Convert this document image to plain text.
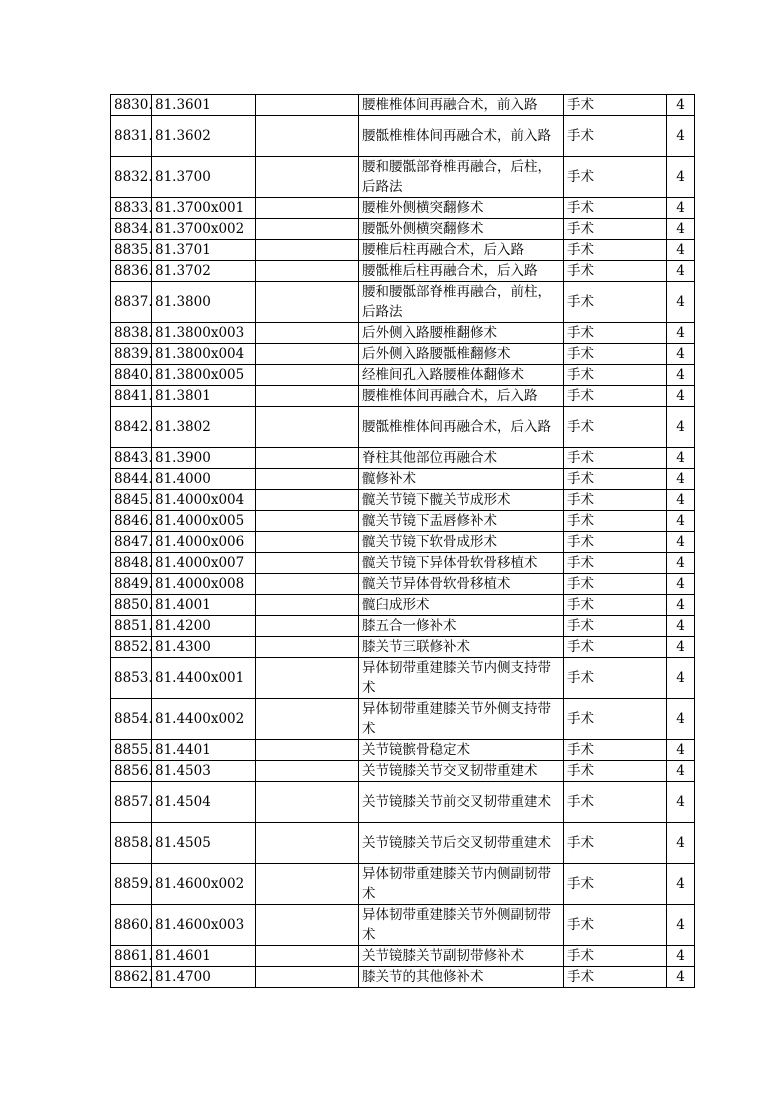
8830.	81.3601		腰椎椎体间再融合术，前入路	手术	4
8831.	81.3602		腰骶椎椎体间再融合术，前入路	手术	4
8832.	81.3700		腰和腰骶部脊椎再融合，后柱，后路法	手术	4
8833.	81.3700x001		腰椎外侧横突翻修术	手术	4
8834.	81.3700x002		腰骶外侧横突翻修术	手术	4
8835.	81.3701		腰椎后柱再融合术，后入路	手术	4
8836.	81.3702		腰骶椎后柱再融合术，后入路	手术	4
8837.	81.3800		腰和腰骶部脊椎再融合，前柱，后路法	手术	4
8838.	81.3800x003		后外侧入路腰椎翻修术	手术	4
8839.	81.3800x004		后外侧入路腰骶椎翻修术	手术	4
8840.	81.3800x005		经椎间孔入路腰椎体翻修术	手术	4
8841.	81.3801		腰椎椎体间再融合术，后入路	手术	4
8842.	81.3802		腰骶椎椎体间再融合术，后入路	手术	4
8843.	81.3900		脊柱其他部位再融合术	手术	4
8844.	81.4000		髋修补术	手术	4
8845.	81.4000x004		髋关节镜下髋关节成形术	手术	4
8846.	81.4000x005		髋关节镜下盂唇修补术	手术	4
8847.	81.4000x006		髋关节镜下软骨成形术	手术	4
8848.	81.4000x007		髋关节镜下异体骨软骨移植术	手术	4
8849.	81.4000x008		髋关节异体骨软骨移植术	手术	4
8850.	81.4001		髋臼成形术	手术	4
8851.	81.4200		膝五合一修补术	手术	4
8852.	81.4300		膝关节三联修补术	手术	4
8853.	81.4400x001		异体韧带重建膝关节内侧支持带术	手术	4
8854.	81.4400x002		异体韧带重建膝关节外侧支持带术	手术	4
8855.	81.4401		关节镜髌骨稳定术	手术	4
8856.	81.4503		关节镜膝关节交叉韧带重建术	手术	4
8857.	81.4504		关节镜膝关节前交叉韧带重建术	手术	4
8858.	81.4505		关节镜膝关节后交叉韧带重建术	手术	4
8859.	81.4600x002		异体韧带重建膝关节内侧副韧带术	手术	4
8860.	81.4600x003		异体韧带重建膝关节外侧副韧带术	手术	4
8861.	81.4601		关节镜膝关节副韧带修补术	手术	4
8862.	81.4700		膝关节的其他修补术	手术	4
